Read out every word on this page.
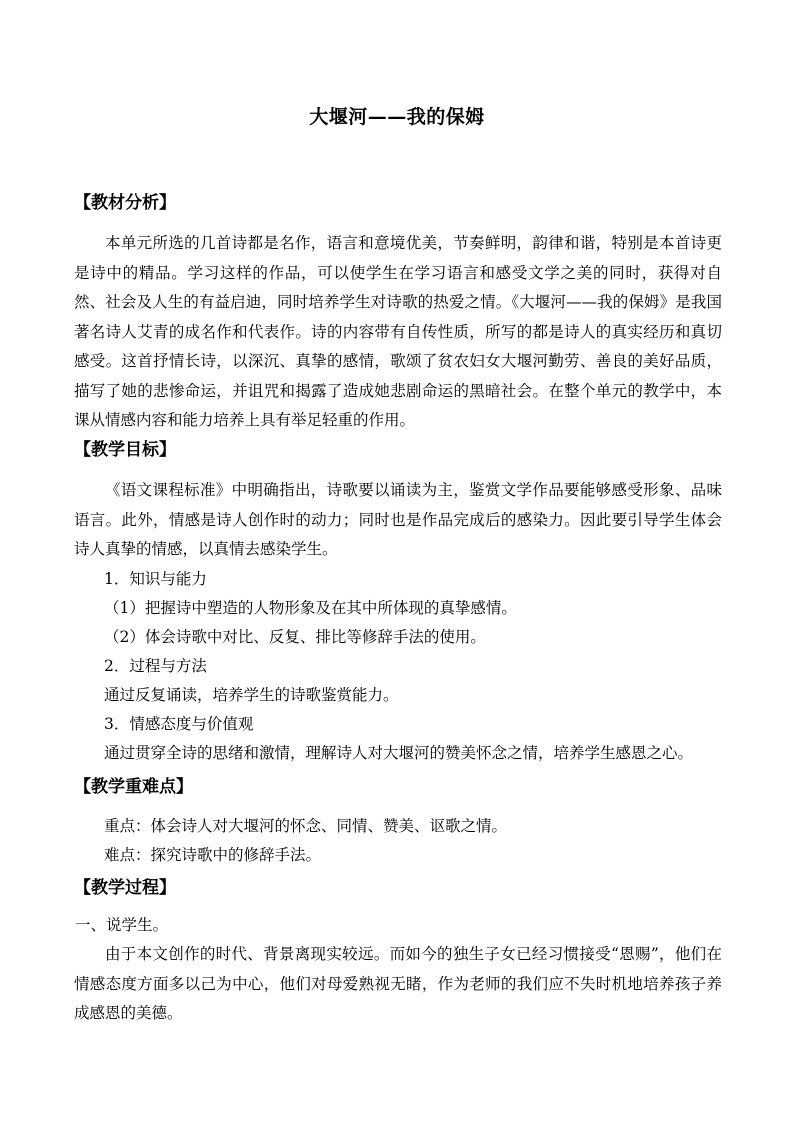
大堰河——我的保姆
【教材分析】
本单元所选的几首诗都是名作，语言和意境优美，节奏鲜明，韵律和谐，特别是本首诗更是诗中的精品。学习这样的作品，可以使学生在学习语言和感受文学之美的同时，获得对自然、社会及人生的有益启迪，同时培养学生对诗歌的热爱之情。《大堰河——我的保姆》是我国著名诗人艾青的成名作和代表作。诗的内容带有自传性质，所写的都是诗人的真实经历和真切感受。这首抒情长诗，以深沉、真挚的感情，歌颂了贫农妇女大堰河勤劳、善良的美好品质，描写了她的悲惨命运，并诅咒和揭露了造成她悲剧命运的黑暗社会。在整个单元的教学中，本课从情感内容和能力培养上具有举足轻重的作用。
【教学目标】
《语文课程标准》中明确指出，诗歌要以诵读为主，鉴赏文学作品要能够感受形象、品味语言。此外，情感是诗人创作时的动力；同时也是作品完成后的感染力。因此要引导学生体会诗人真挚的情感，以真情去感染学生。
1．知识与能力
（1）把握诗中塑造的人物形象及在其中所体现的真挚感情。
（2）体会诗歌中对比、反复、排比等修辞手法的使用。
2．过程与方法
通过反复诵读，培养学生的诗歌鉴赏能力。
3．情感态度与价值观
通过贯穿全诗的思绪和激情，理解诗人对大堰河的赞美怀念之情，培养学生感恩之心。
【教学重难点】
重点：体会诗人对大堰河的怀念、同情、赞美、讴歌之情。
难点：探究诗歌中的修辞手法。
【教学过程】
一、说学生。
由于本文创作的时代、背景离现实较远。而如今的独生子女已经习惯接受“恩赐”，他们在情感态度方面多以己为中心，他们对母爱熟视无睹，作为老师的我们应不失时机地培养孩子养成感恩的美德。
